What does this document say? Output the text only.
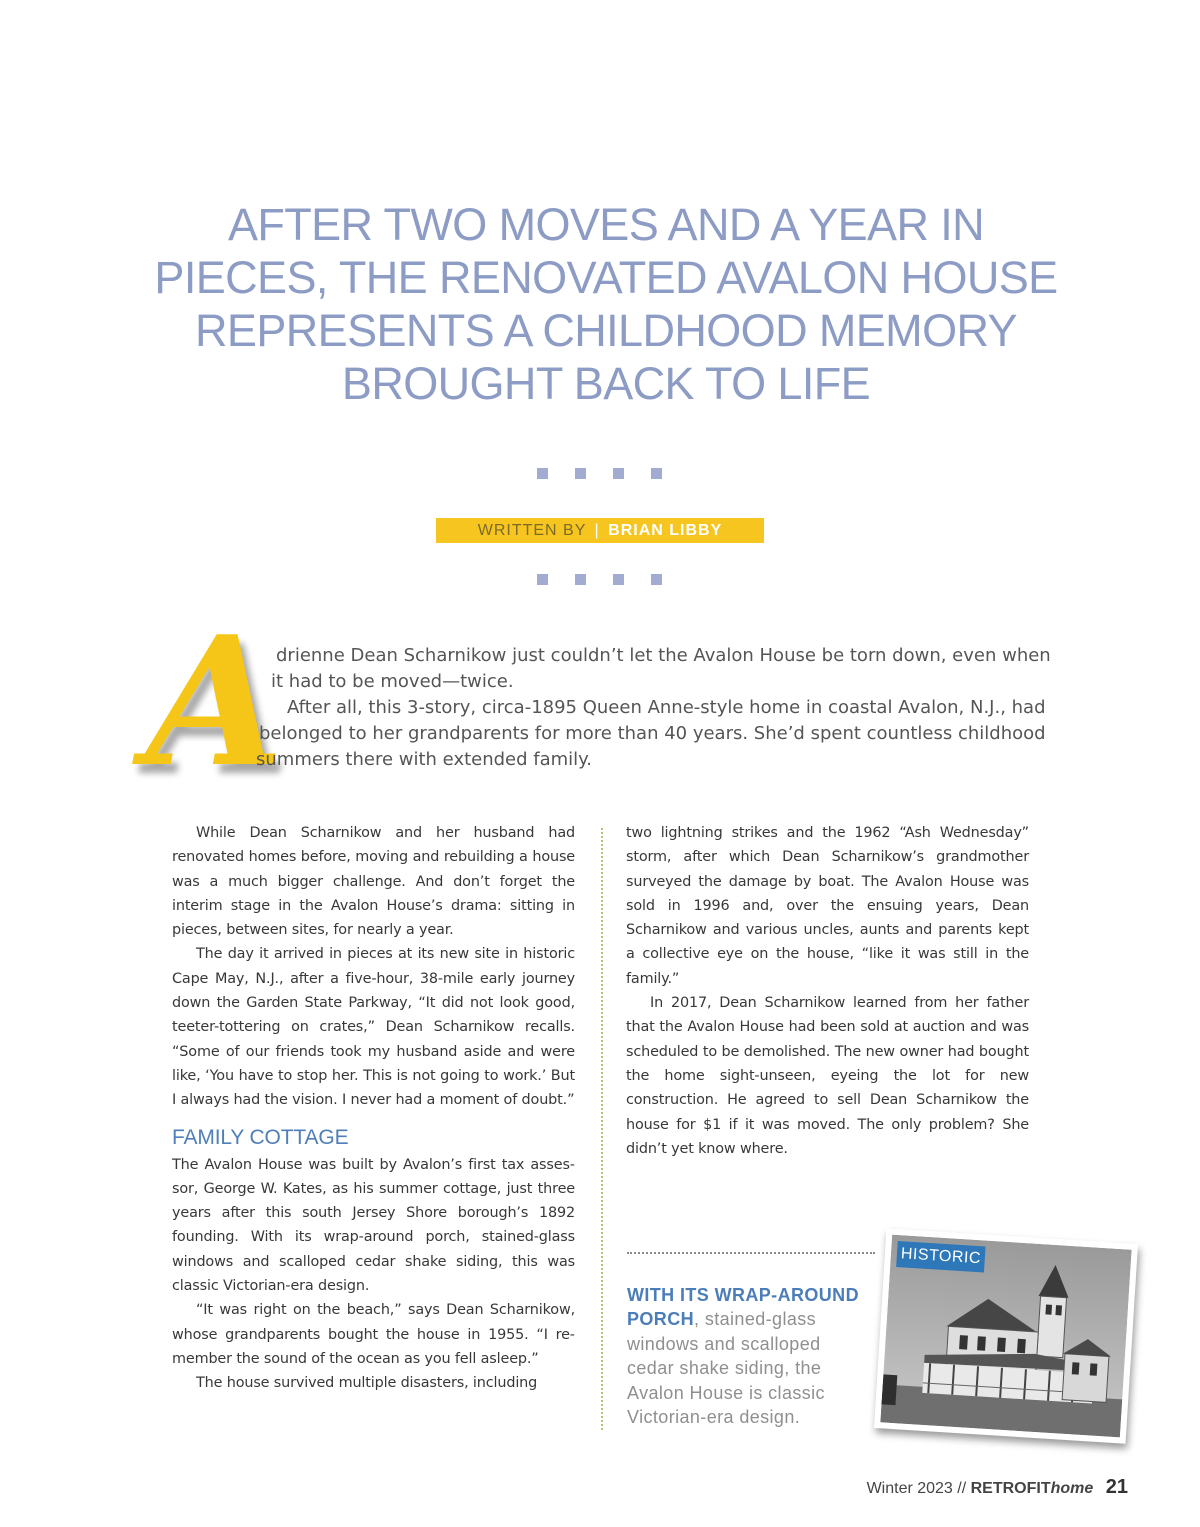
AFTER TWO MOVES AND A YEAR IN
PIECES, THE RENOVATED AVALON HOUSE
REPRESENTS A CHILDHOOD MEMORY
BROUGHT BACK TO LIFE
WRITTEN BY | BRIAN LIBBY
A

drienne Dean Scharnikow just couldn’t let the Avalon House be torn down, even when

it had to be moved—twice.

After all, this 3-story, circa-1895 Queen Anne-style home in coastal Avalon, N.J., had

belonged to her grandparents for more than 40 years. She’d spent countless childhood

summers there with extended family.

While Dean Scharnikow and her husband had renovated homes before, moving and rebuilding a house was a much bigger challenge. And don’t forget the interim stage in the Avalon House’s drama: sitting in pieces, between sites, for nearly a year.

The day it arrived in pieces at its new site in historic Cape May, N.J., after a five-hour, 38-mile early journey down the Garden State Parkway, “It did not look good, teeter-tottering on crates,” Dean Scharnikow recalls. “Some of our friends took my husband aside and were like, ‘You have to stop her. This is not going to work.’ But I always had the vision. I never had a moment of doubt.”

FAMILY COTTAGE

The Avalon House was built by Avalon’s first tax assessor, George W. Kates, as his summer cottage, just three years after this south Jersey Shore borough’s 1892 founding. With its wrap-around porch, stained-glass windows and scalloped cedar shake siding, this was classic Victorian-era design.

“It was right on the beach,” says Dean Scharnikow, whose grandparents bought the house in 1955. “I remember the sound of the ocean as you fell asleep.”

The house survived multiple disasters, including

two lightning strikes and the 1962 “Ash Wednesday” storm, after which Dean Scharnikow’s grandmother surveyed the damage by boat. The Avalon House was sold in 1996 and, over the ensuing years, Dean Scharnikow and various uncles, aunts and parents kept a collective eye on the house, “like it was still in the family.”

In 2017, Dean Scharnikow learned from her father that the Avalon House had been sold at auction and was scheduled to be demolished. The new owner had bought the home sight-unseen, eyeing the lot for new construction. He agreed to sell Dean Scharnikow the house for $1 if it was moved. The only problem? She didn’t yet know where.

WITH ITS WRAP-AROUND PORCH, stained-glass windows and scalloped cedar shake siding, the Avalon House is classic Victorian-era design.
HISTORIC
Winter 2023 // RETROFIThome 21
